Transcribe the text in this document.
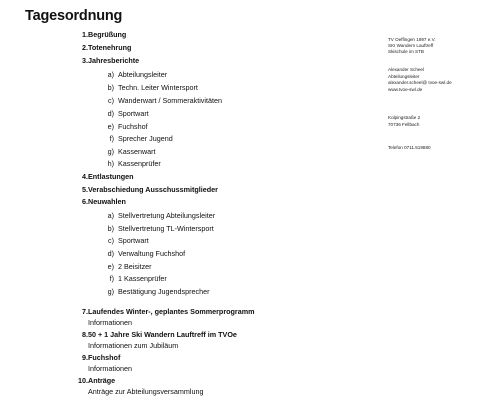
Tagesordnung
1. Begrüßung
2. Totenehrung
3. Jahresberichte
a) Abteilungsleiter
b) Techn. Leiter Wintersport
c) Wanderwart / Sommeraktivitäten
d) Sportwart
e) Fuchshof
f) Sprecher Jugend
g) Kassenwart
h) Kassenprüfer
4. Entlastungen
5. Verabschiedung Ausschussmitglieder
6. Neuwahlen
a) Stellvertretung Abteilungsleiter
b) Stellvertretung TL-Wintersport
c) Sportwart
d) Verwaltung Fuchshof
e) 2 Beisitzer
f) 1 Kassenprüfer
g) Bestätigung Jugendsprecher
7. Laufendes Winter-, geplantes Sommerprogramm
Informationen
8. 50 + 1 Jahre Ski Wandern Lauftreff im TVOe
Informationen zum Jubiläum
9. Fuchshof
Informationen
10. Anträge
Anträge zur Abteilungsversammlung
TV Oeffingen 1897 e.V.
SKI Wandern Lauftreff
Skischule im STB
Alexander Scheel
Abteilungsleiter
alexander.scheel@ tvoe-swl.de
www.tvoe-swl.de
Kolpingstraße 2
70736 Fellbach
Telefon 0711.519880
